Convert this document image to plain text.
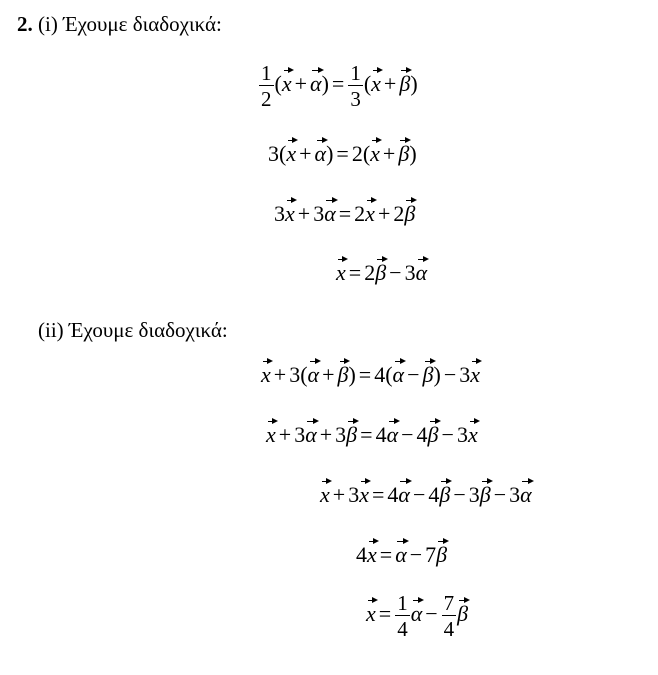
2. (i) Έχουμε διαδοχικά:
$\frac{1}{2} (x + \alpha) = \frac{1}{3} (x + \beta)$
3(x + α) = 2(x + β)
3x + 3α = 2x + 2β
x = 2β − 3α
(ii) Έχουμε διαδοχικά:
x + 3(α + β) = 4(α − β) − 3x
x + 3α + 3β = 4α − 4β − 3x
x + 3x = 4α − 4β − 3β − 3α
4x = α − 7β
$x = \frac{1}{4}$ $\alpha - \frac{7}{4}$ β
